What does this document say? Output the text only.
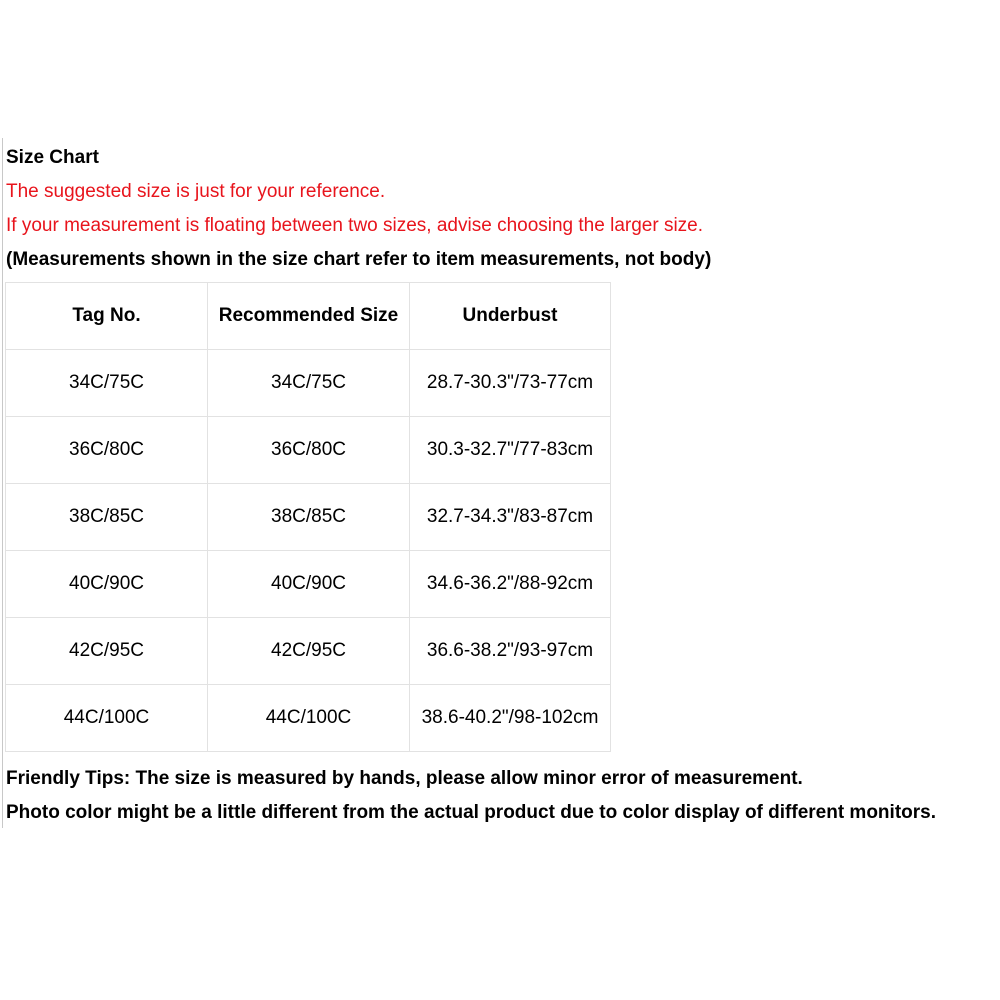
Size Chart
The suggested size is just for your reference.
If your measurement is floating between two sizes, advise choosing the larger size.
(Measurements shown in the size chart refer to item measurements, not body)
Tag No.	Recommended Size	Underbust
34C/75C	34C/75C	28.7-30.3"/73-77cm
36C/80C	36C/80C	30.3-32.7"/77-83cm
38C/85C	38C/85C	32.7-34.3"/83-87cm
40C/90C	40C/90C	34.6-36.2"/88-92cm
42C/95C	42C/95C	36.6-38.2"/93-97cm
44C/100C	44C/100C	38.6-40.2"/98-102cm
Friendly Tips: The size is measured by hands, please allow minor error of measurement.
Photo color might be a little different from the actual product due to color display of different monitors.
